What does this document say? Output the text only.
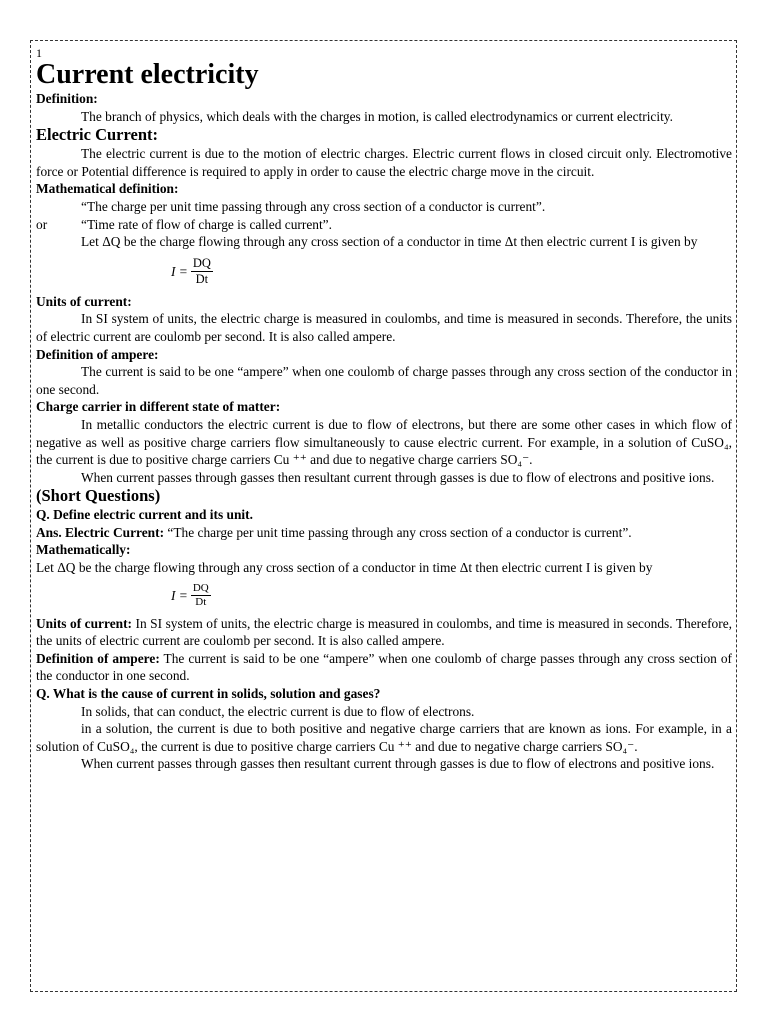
1

Current electricity

Definition:

The branch of physics, which deals with the charges in motion, is called electrodynamics or current electricity.

Electric Current:

The electric current is due to the motion of electric charges. Electric current flows in closed circuit only. Electromotive force or Potential difference is required to apply in order to cause the electric charge move in the circuit.

Mathematical definition:

“The charge per unit time passing through any cross section of a conductor is current”.

or	“Time rate of flow of charge is called current”.

Let ΔQ be the charge flowing through any cross section of a conductor in time Δt then electric current I is given by

$I = \frac{DQ}{Dt}$

Units of current:

In SI system of units, the electric charge is measured in coulombs, and time is measured in seconds. Therefore, the units of electric current are coulomb per second. It is also called ampere.

Definition of ampere:

The current is said to be one “ampere” when one coulomb of charge passes through any cross section of the conductor in one second.

Charge carrier in different state of matter:

In metallic conductors the electric current is due to flow of electrons, but there are some other cases in which flow of negative as well as positive charge carriers flow simultaneously to cause electric current. For example, in a solution of CuSO₄, the current is due to positive charge carriers Cu ⁺⁺ and due to negative charge carriers SO₄⁻.

When current passes through gasses then resultant current through gasses is due to flow of electrons and positive ions.

(Short Questions)

Q. Define electric current and its unit.

Ans. Electric Current: “The charge per unit time passing through any cross section of a conductor is current”.

Mathematically:

Let ΔQ be the charge flowing through any cross section of a conductor in time Δt then electric current I is given by

$I = \frac{DQ}{Dt}$

Units of current: In SI system of units, the electric charge is measured in coulombs, and time is measured in seconds. Therefore, the units of electric current are coulomb per second. It is also called ampere.

Definition of ampere: The current is said to be one “ampere” when one coulomb of charge passes through any cross section of the conductor in one second.

Q. What is the cause of current in solids, solution and gases?

In solids, that can conduct, the electric current is due to flow of electrons.

in a solution, the current is due to both positive and negative charge carriers that are known as ions. For example, in a solution of CuSO₄, the current is due to positive charge carriers Cu ⁺⁺ and due to negative charge carriers SO₄⁻.

When current passes through gasses then resultant current through gasses is due to flow of electrons and positive ions.
